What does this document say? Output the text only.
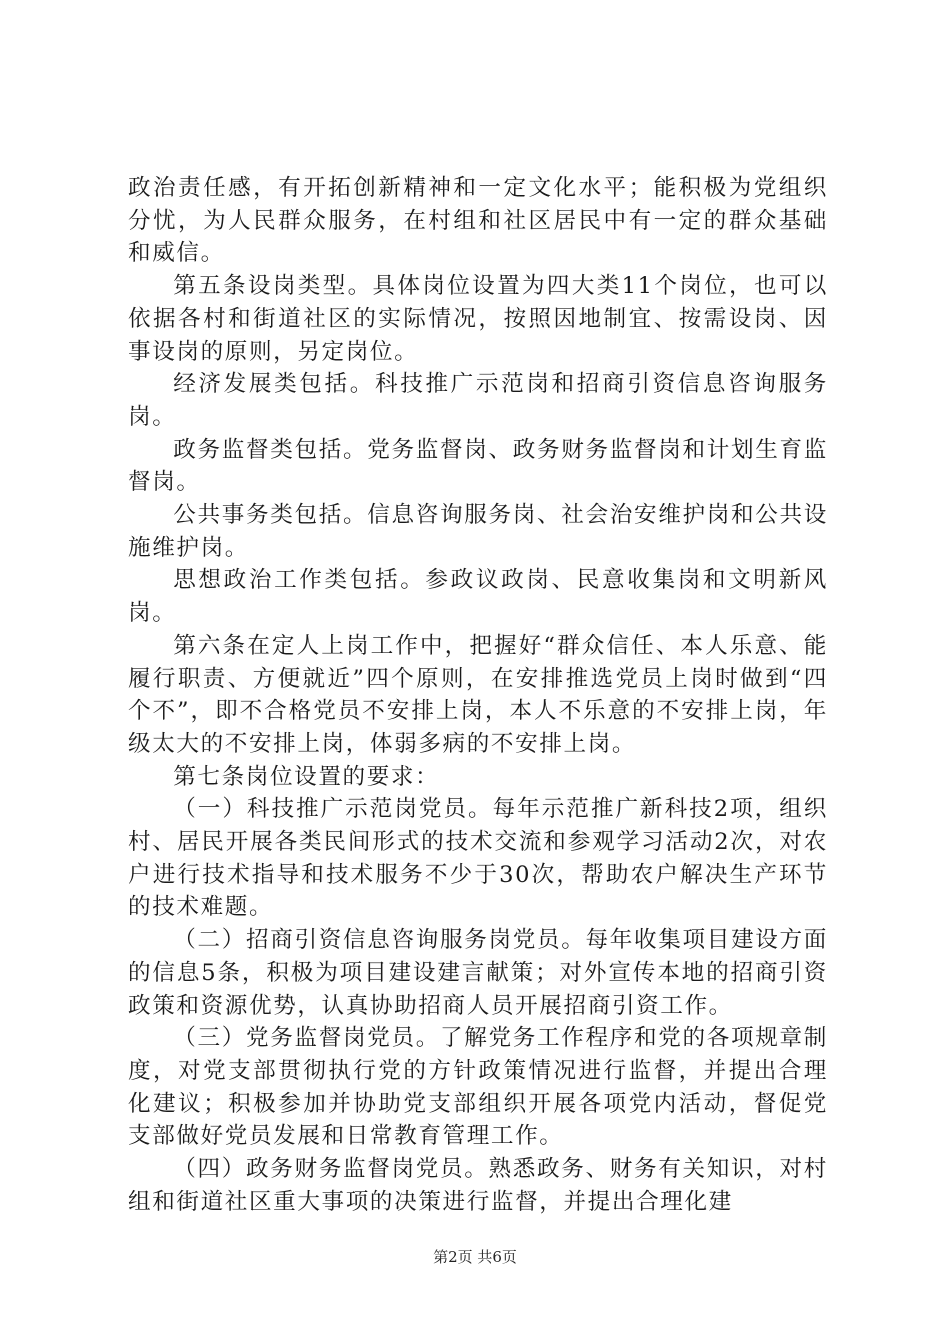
政治责任感，有开拓创新精神和一定文化水平；能积极为党组织分忧，为人民群众服务，在村组和社区居民中有一定的群众基础和威信。

第五条设岗类型。具体岗位设置为四大类11个岗位，也可以依据各村和街道社区的实际情况，按照因地制宜、按需设岗、因事设岗的原则，另定岗位。

经济发展类包括。科技推广示范岗和招商引资信息咨询服务岗。

政务监督类包括。党务监督岗、政务财务监督岗和计划生育监督岗。

公共事务类包括。信息咨询服务岗、社会治安维护岗和公共设施维护岗。

思想政治工作类包括。参政议政岗、民意收集岗和文明新风岗。

第六条在定人上岗工作中，把握好“群众信任、本人乐意、能履行职责、方便就近”四个原则，在安排推选党员上岗时做到“四个不”，即不合格党员不安排上岗，本人不乐意的不安排上岗，年级太大的不安排上岗，体弱多病的不安排上岗。

第七条岗位设置的要求：

（一）科技推广示范岗党员。每年示范推广新科技2项，组织村、居民开展各类民间形式的技术交流和参观学习活动2次，对农户进行技术指导和技术服务不少于30次，帮助农户解决生产环节的技术难题。

（二）招商引资信息咨询服务岗党员。每年收集项目建设方面的信息5条，积极为项目建设建言献策；对外宣传本地的招商引资政策和资源优势，认真协助招商人员开展招商引资工作。

（三）党务监督岗党员。了解党务工作程序和党的各项规章制度，对党支部贯彻执行党的方针政策情况进行监督，并提出合理化建议；积极参加并协助党支部组织开展各项党内活动，督促党支部做好党员发展和日常教育管理工作。

（四）政务财务监督岗党员。熟悉政务、财务有关知识，对村组和街道社区重大事项的决策进行监督，并提出合理化建

第2页 共6页
